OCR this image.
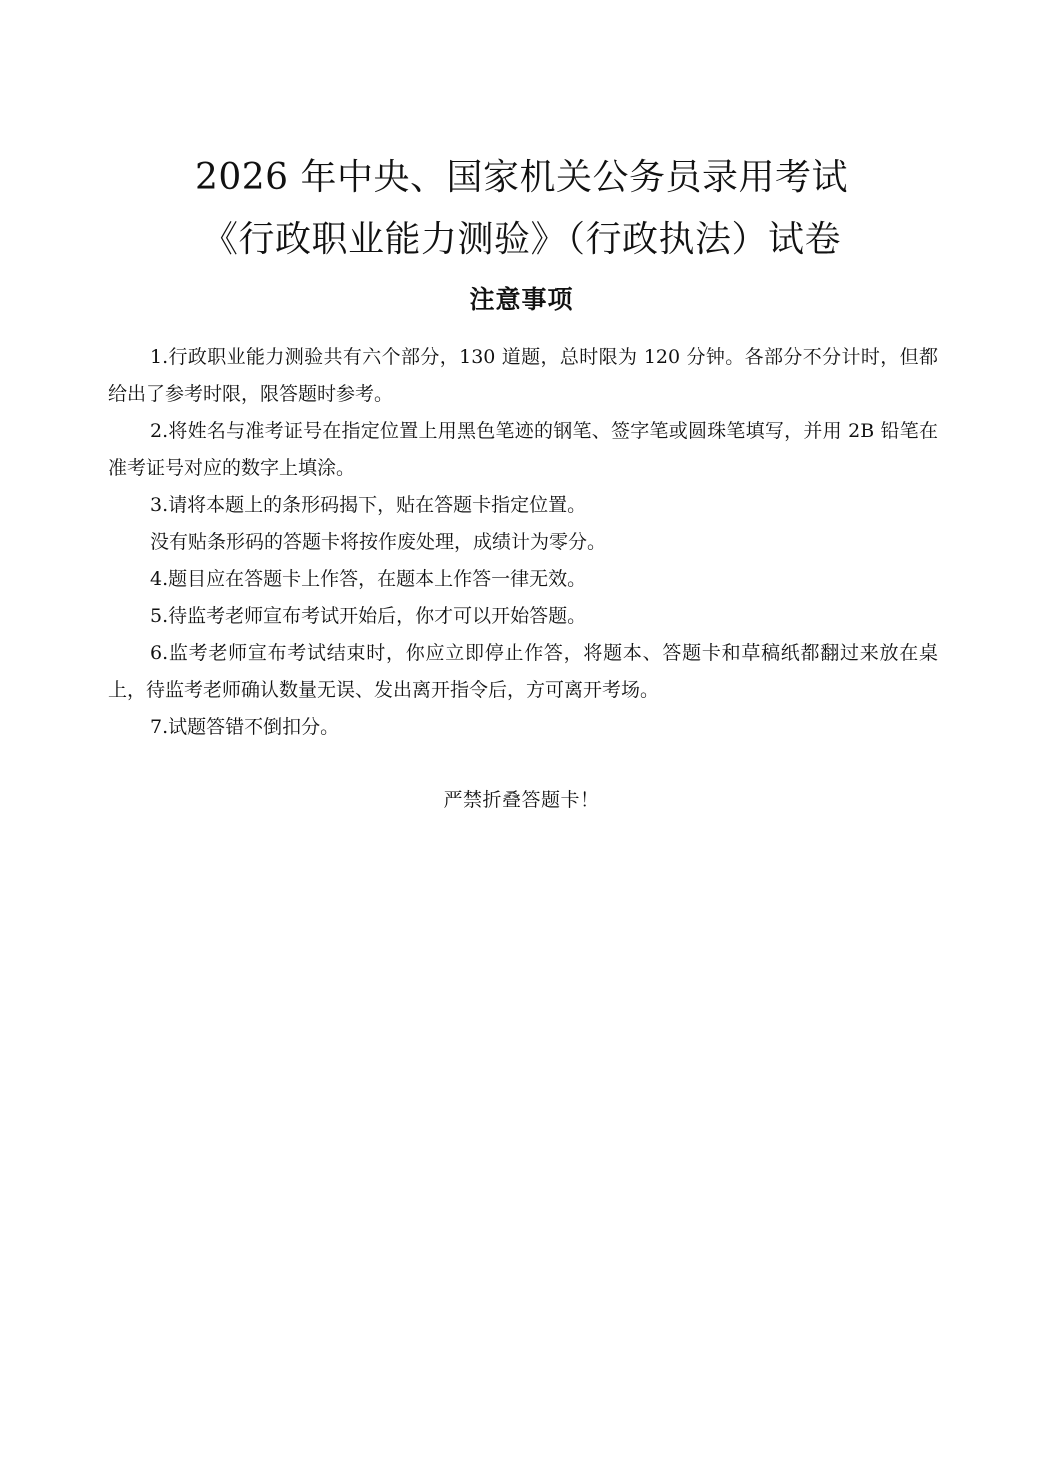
2026 年中央、国家机关公务员录用考试
《行政职业能力测验》（行政执法）试卷
注意事项
1.行政职业能力测验共有六个部分，130 道题，总时限为 120 分钟。各部分不分计时，但都给出了参考时限，限答题时参考。
2.将姓名与准考证号在指定位置上用黑色笔迹的钢笔、签字笔或圆珠笔填写，并用 2B 铅笔在准考证号对应的数字上填涂。
3.请将本题上的条形码揭下，贴在答题卡指定位置。
没有贴条形码的答题卡将按作废处理，成绩计为零分。
4.题目应在答题卡上作答，在题本上作答一律无效。
5.待监考老师宣布考试开始后，你才可以开始答题。
6.监考老师宣布考试结束时，你应立即停止作答，将题本、答题卡和草稿纸都翻过来放在桌上，待监考老师确认数量无误、发出离开指令后，方可离开考场。
7.试题答错不倒扣分。
严禁折叠答题卡！
